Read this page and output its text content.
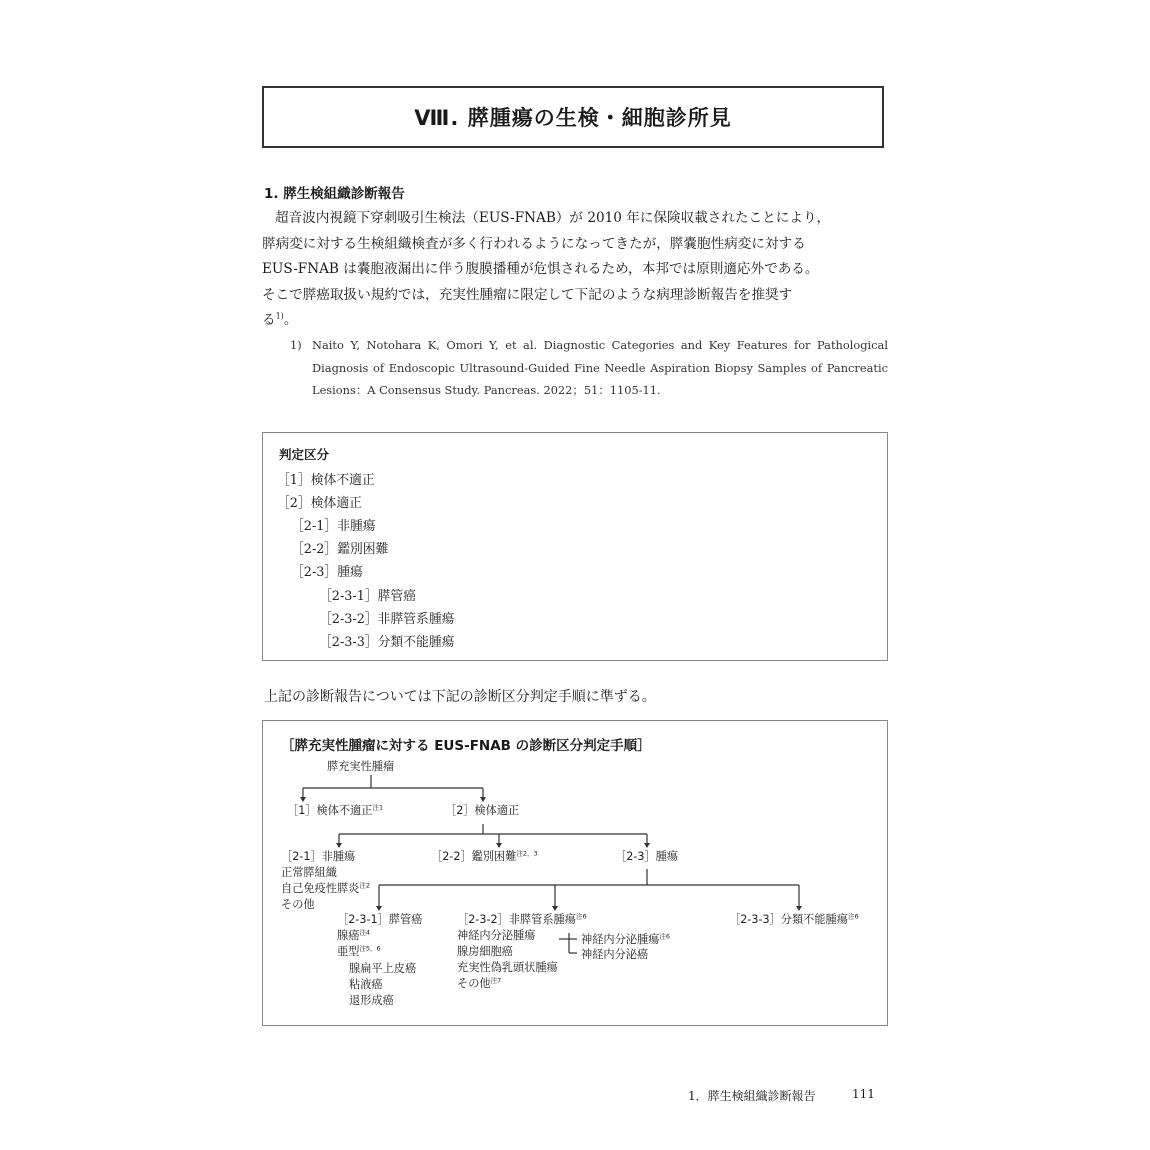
Ⅷ. 膵腫瘍の生検・細胞診所見
1. 膵生検組織診断報告

超音波内視鏡下穿刺吸引生検法（EUS-FNAB）が 2010 年に保険収載されたことにより，

膵病変に対する生検組織検査が多く行われるようになってきたが，膵嚢胞性病変に対する

EUS-FNAB は嚢胞液漏出に伴う腹膜播種が危惧されるため，本邦では原則適応外である。

そこで膵癌取扱い規約では，充実性腫瘤に限定して下記のような病理診断報告を推奨す

る$^{1)}$。

1) Naito Y, Notohara K, Omori Y, et al. Diagnostic Categories and Key Features for Pathological Diagnosis of Endoscopic Ultrasound-Guided Fine Needle Aspiration Biopsy Samples of Pancreatic Lesions：A Consensus Study. Pancreas. 2022；51：1105-11.
判定区分
［1］検体不適正
［2］検体適正
［2-1］非腫瘍
［2-2］鑑別困難
［2-3］腫瘍
［2-3-1］膵管癌
［2-3-2］非膵管系腫瘍
［2-3-3］分類不能腫瘍
上記の診断報告については下記の診断区分判定手順に準ずる。
［膵充実性腫瘤に対する EUS-FNAB の診断区分判定手順］
膵充実性腫瘤
［1］検体不適正$^{注1}$	［2］検体適正
［2-1］非腫瘍
正常膵組織
自己免疫性膵炎$^{注2}$
その他
［2-2］鑑別困難$^{注2,3}$	［2-3］腫瘍
［2-3-1］膵管癌
腺癌$^{注4}$
亜型$^{注5,6}$
腺扁平上皮癌
粘液癌
退形成癌
［2-3-2］非膵管系腫瘍$^{注6}$
神経内分泌腫瘍	神経内分泌腫瘍$^{注6}$
神経内分泌癌
腺房細胞癌
充実性偽乳頭状腫瘍
その他$^{注7}$
［2-3-3］分類不能腫瘍$^{注6}$
1．膵生検組織診断報告	111
